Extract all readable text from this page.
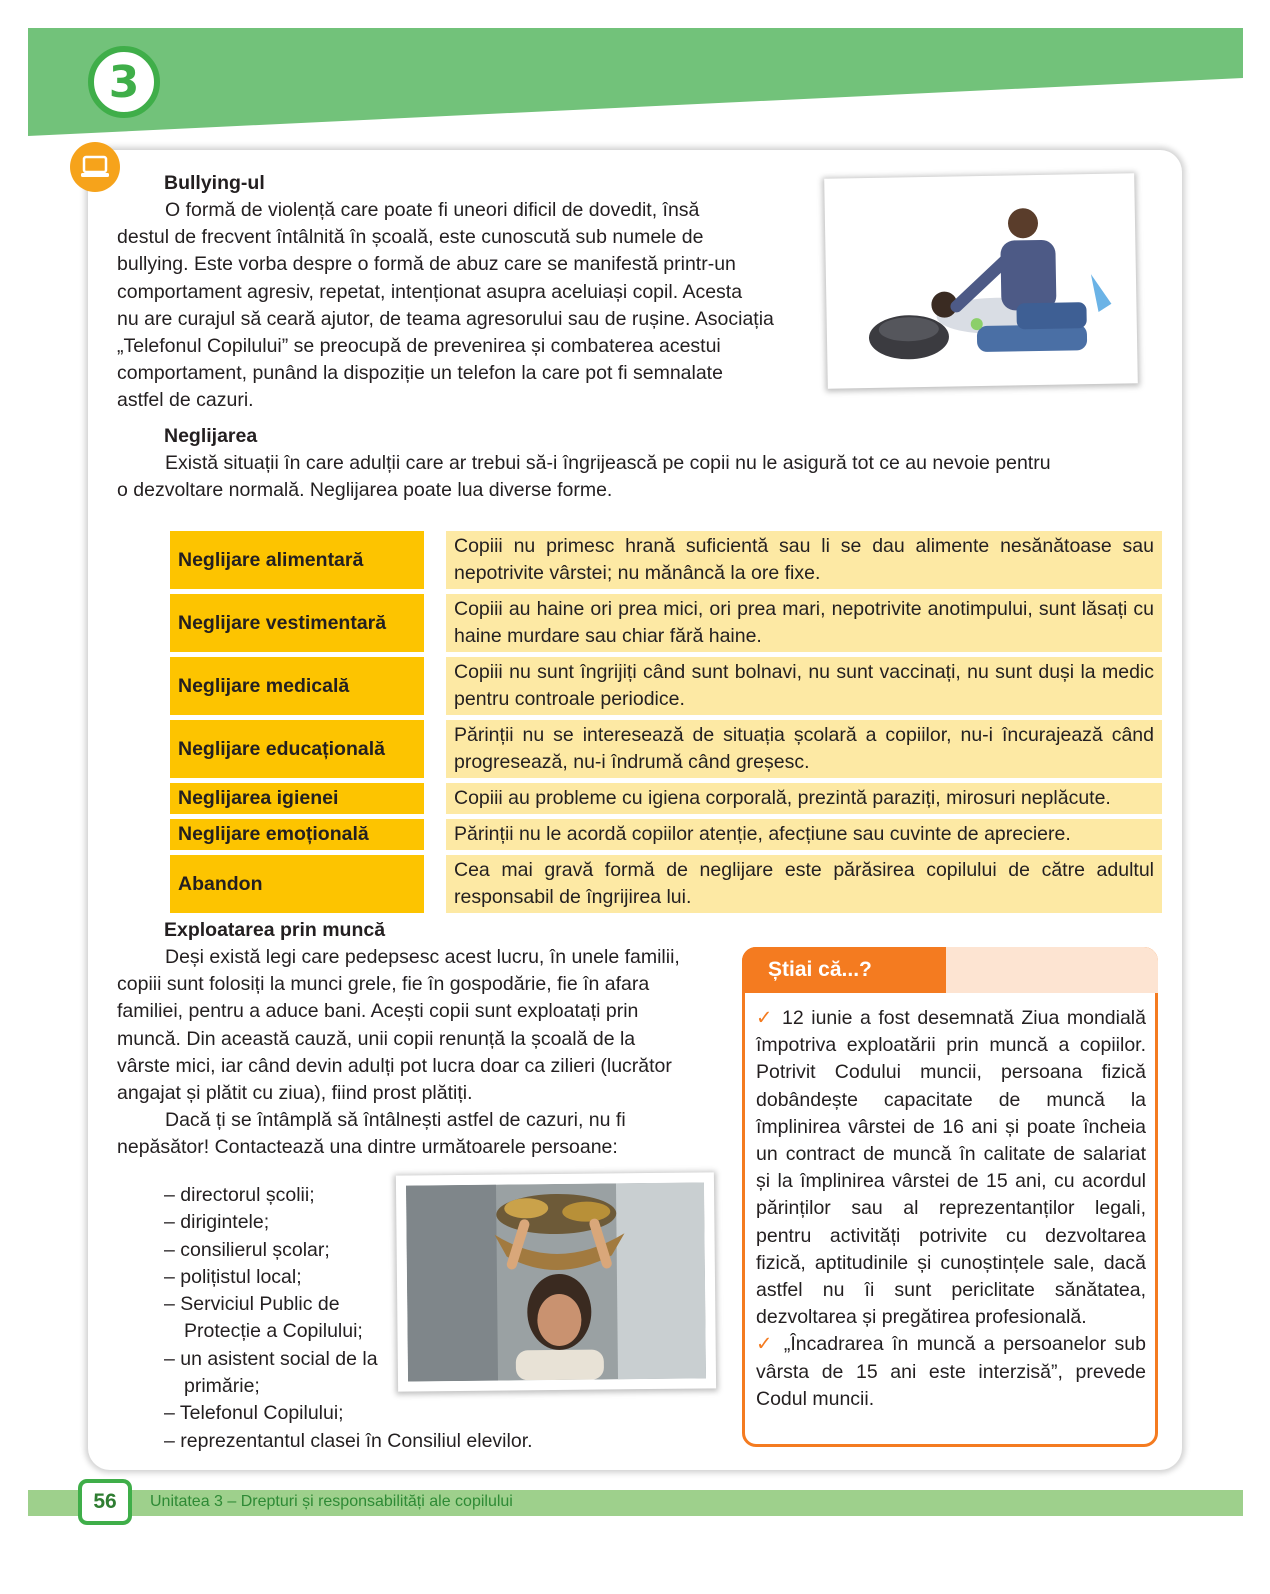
3
Bullying-ul
O formă de violență care poate fi uneori dificil de dovedit, însă
destul de frecvent întâlnită în școală, este cunoscută sub numele de
bullying. Este vorba despre o formă de abuz care se manifestă printr-un
comportament agresiv, repetat, intenționat asupra aceluiași copil. Acesta
nu are curajul să ceară ajutor, de teama agresorului sau de rușine. Asociația
„Telefonul Copilului” se preocupă de prevenirea și combaterea acestui
comportament, punând la dispoziție un telefon la care pot fi semnalate
astfel de cazuri.
Neglijarea
Există situații în care adulții care ar trebui să-i îngrijească pe copii nu le asigură tot ce au nevoie pentru
o dezvoltare normală. Neglijarea poate lua diverse forme.
Neglijare alimentară		Copiii nu primesc hrană suficientă sau li se dau alimente nesănătoase sau nepotrivite vârstei; nu mănâncă la ore fixe.
Neglijare vestimentară		Copiii au haine ori prea mici, ori prea mari, nepotrivite anotimpului, sunt lăsați cu haine murdare sau chiar fără haine.
Neglijare medicală		Copiii nu sunt îngrijiți când sunt bolnavi, nu sunt vaccinați, nu sunt duși la medic pentru controale periodice.
Neglijare educațională		Părinții nu se interesează de situația școlară a copiilor, nu-i încurajează când progresează, nu-i îndrumă când greșesc.
Neglijarea igienei		Copiii au probleme cu igiena corporală, prezintă paraziți, mirosuri neplăcute.
Neglijare emoțională		Părinții nu le acordă copiilor atenție, afecțiune sau cuvinte de apreciere.
Abandon		Cea mai gravă formă de neglijare este părăsirea copilului de către adultul responsabil de îngrijirea lui.
Exploatarea prin muncă
Deși există legi care pedepsesc acest lucru, în unele familii,
copiii sunt folosiți la munci grele, fie în gospodărie, fie în afara
familiei, pentru a aduce bani. Acești copii sunt exploatați prin
muncă. Din această cauză, unii copii renunță la școală de la
vârste mici, iar când devin adulți pot lucra doar ca zilieri (lucrător
angajat și plătit cu ziua), fiind prost plătiți.
Dacă ți se întâmplă să întâlnești astfel de cazuri, nu fi
nepăsător! Contactează una dintre următoarele persoane:
– directorul școlii;
– dirigintele;
– consilierul școlar;
– polițistul local;
– Serviciul Public de Protecție a Copilului;
– un asistent social de la primărie;
– Telefonul Copilului;
– reprezentantul clasei în Consiliul elevilor.
Știai că...?
✓ 12 iunie a fost desemnată Ziua mondială împotriva exploatării prin muncă a copiilor. Potrivit Codului muncii, persoana fizică dobândește capacitate de muncă la împlinirea vârstei de 16 ani și poate încheia un contract de muncă în calitate de salariat și la împlinirea vârstei de 15 ani, cu acordul părinților sau al reprezentanților legali, pentru activități potrivite cu dezvoltarea fizică, aptitudinile și cunoștințele sale, dacă astfel nu îi sunt periclitate sănătatea, dezvoltarea și pregătirea profesională.
✓ „Încadrarea în muncă a persoanelor sub vârsta de 15 ani este interzisă”, prevede Codul muncii.
56	Unitatea 3 – Drepturi și responsabilități ale copilului
